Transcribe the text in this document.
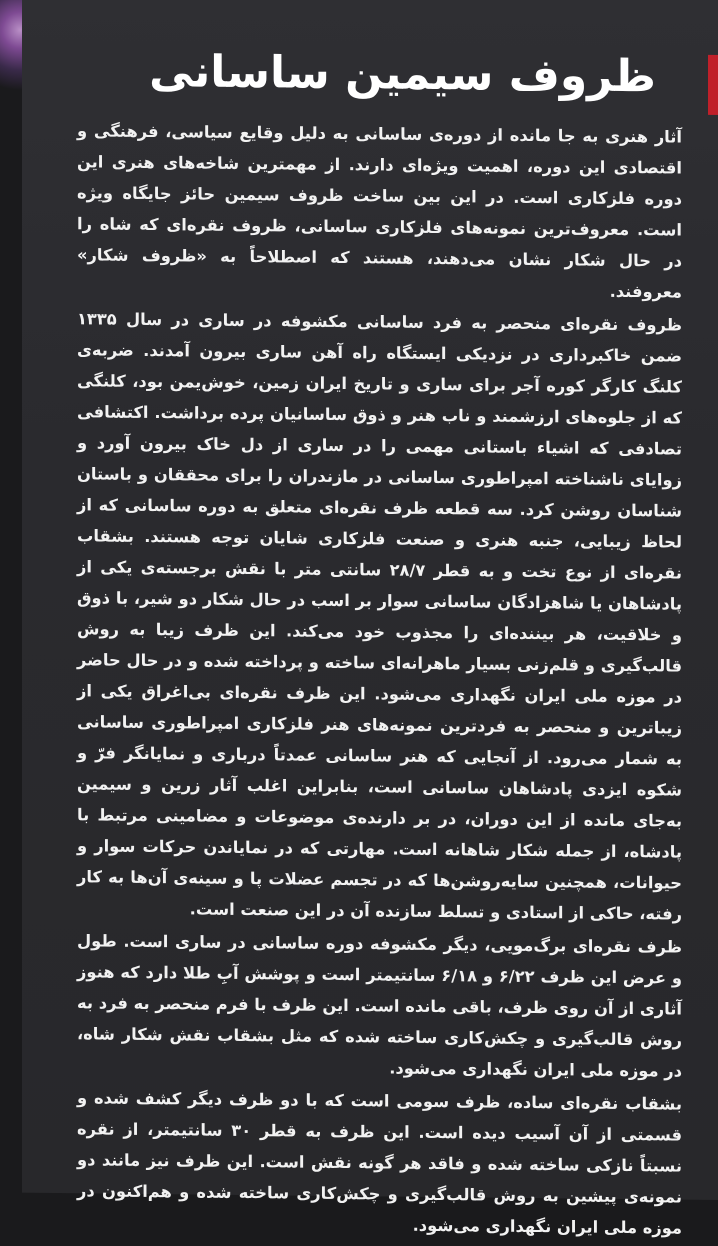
ظروف سیمین ساسانی

آثار هنری به جا مانده از دوره‌ی ساسانی به دلیل وقایع سیاسی، فرهنگی و اقتصادی این دوره، اهمیت ویژه‌ای دارند. از مهمترین شاخه‌های هنری این دوره فلزکاری است. در این بین ساخت ظروف سیمین حائز جایگاه ویژه است. معروف‌ترین نمونه‌های فلزکاری ساسانی، ظروف نقره‌ای که شاه را در حال شکار نشان می‌دهند، هستند که اصطلاحاً به «ظروف شکار» معروفند.

ظروف نقره‌ای منحصر به فرد ساسانی مکشوفه در ساری در سال ۱۳۳۵ ضمن خاکبرداری در نزدیکی ایستگاه راه آهن ساری بیرون آمدند. ضربه‌ی کلنگ کارگر کوره آجر برای ساری و تاریخ ایران زمین، خوش‌یمن بود، کلنگی که از جلوه‌های ارزشمند و ناب هنر و ذوق ساسانیان پرده برداشت. اکتشافی تصادفی که اشیاء باستانی مهمی را در ساری از دل خاک بیرون آورد و زوایای ناشناخته امپراطوری ساسانی در مازندران را برای محققان و باستان شناسان روشن کرد. سه قطعه ظرف نقره‌ای متعلق به دوره ساسانی که از لحاظ زیبایی، جنبه هنری و صنعت فلزکاری شایان توجه هستند. بشقاب نقره‌ای از نوع تخت و به قطر ۲۸/۷ سانتی متر با نقش برجسته‌ی یکی از پادشاهان یا شاهزادگان ساسانی سوار بر اسب در حال شکار دو شیر، با ذوق و خلاقیت، هر بیننده‌ای را مجذوب خود می‌کند. این ظرف زیبا به روش قالب‌گیری و قلم‌زنی بسیار ماهرانه‌ای ساخته و پرداخته شده و در حال حاضر در موزه ملی ایران نگهداری می‌شود. این ظرف نقره‌ای بی‌اغراق یکی از زیباترین و منحصر به فردترین نمونه‌های هنر فلزکاری امپراطوری ساسانی به شمار می‌رود. از آنجایی که هنر ساسانی عمدتاً درباری و نمایانگر فرّ و شکوه ایزدی پادشاهان ساسانی است، بنابراین اغلب آثار زرین و سیمین به‌جای مانده از این دوران، در بر دارنده‌ی موضوعات و مضامینی مرتبط با پادشاه، از جمله شکار شاهانه است. مهارتی که در نمایاندن حرکات سوار و حیوانات، همچنین سایه‌روشن‌ها که در تجسم عضلات پا و سینه‌ی آن‌ها به کار رفته، حاکی از استادی و تسلط سازنده آن در این صنعت است.

ظرف نقره‌ای برگ‌مویی، دیگر مکشوفه دوره ساسانی در ساری است. طول و عرض این ظرف ۶/۲۲ و ۶/۱۸ سانتیمتر است و پوشش آبِ طلا دارد که هنوز آثاری از آن روی ظرف، باقی مانده است. این ظرف با فرم منحصر به فرد به روش قالب‌گیری و چکش‌کاری ساخته شده که مثل بشقاب نقش شکار شاه، در موزه ملی ایران نگهداری می‌شود.

بشقاب نقره‌ای ساده، ظرف سومی است که با دو ظرف دیگر کشف شده و قسمتی از آن آسیب دیده است. این ظرف به قطر ۳۰ سانتیمتر، از نقره نسبتاً نازکی ساخته شده و فاقد هر گونه نقش است. این ظرف نیز مانند دو نمونه‌ی پیشین به روش قالب‌گیری و چکش‌کاری ساخته شده و هم‌اکنون در موزه ملی ایران نگهداری می‌شود.
